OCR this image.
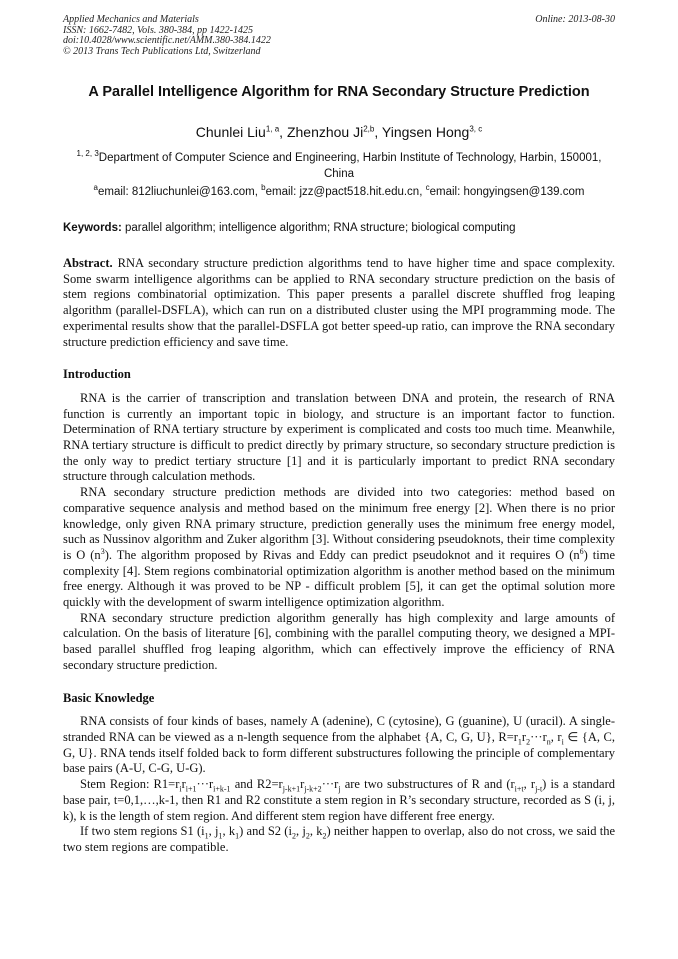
Applied Mechanics and Materials
ISSN: 1662-7482, Vols. 380-384, pp 1422-1425
doi:10.4028/www.scientific.net/AMM.380-384.1422
© 2013 Trans Tech Publications Ltd, Switzerland
Online: 2013-08-30
A Parallel Intelligence Algorithm for RNA Secondary Structure Prediction
Chunlei Liu$^{1, a}$, Zhenzhou Ji$^{2,b}$, Yingsen Hong$^{3, c}$
$^{1, 2, 3}$Department of Computer Science and Engineering, Harbin Institute of Technology, Harbin, 150001, China
$^a$email: 812liuchunlei@163.com, $^b$email: jzz@pact518.hit.edu.cn, $^c$email: hongyingsen@139.com
Keywords: parallel algorithm; intelligence algorithm; RNA structure; biological computing

Abstract. RNA secondary structure prediction algorithms tend to have higher time and space complexity. Some swarm intelligence algorithms can be applied to RNA secondary structure prediction on the basis of stem regions combinatorial optimization. This paper presents a parallel discrete shuffled frog leaping algorithm (parallel-DSFLA), which can run on a distributed cluster using the MPI programming mode. The experimental results show that the parallel-DSFLA got better speed-up ratio, can improve the RNA secondary structure prediction efficiency and save time.

Introduction

RNA is the carrier of transcription and translation between DNA and protein, the research of RNA function is currently an important topic in biology, and structure is an important factor to function. Determination of RNA tertiary structure by experiment is complicated and costs too much time. Meanwhile, RNA tertiary structure is difficult to predict directly by primary structure, so secondary structure prediction is the only way to predict tertiary structure [1] and it is particularly important to predict RNA secondary structure through calculation methods.

RNA secondary structure prediction methods are divided into two categories: method based on comparative sequence analysis and method based on the minimum free energy [2]. When there is no prior knowledge, only given RNA primary structure, prediction generally uses the minimum free energy model, such as Nussinov algorithm and Zuker algorithm [3]. Without considering pseudoknots, their time complexity is O $(n^3)$. The algorithm proposed by Rivas and Eddy can predict pseudoknot and it requires O $(n^6)$ time complexity [4]. Stem regions combinatorial optimization algorithm is another method based on the minimum free energy. Although it was proved to be NP - difficult problem [5], it can get the optimal solution more quickly with the development of swarm intelligence optimization algorithm.

RNA secondary structure prediction algorithm generally has high complexity and large amounts of calculation. On the basis of literature [6], combining with the parallel computing theory, we designed a MPI-based parallel shuffled frog leaping algorithm, which can effectively improve the efficiency of RNA secondary structure prediction.

Basic Knowledge

RNA consists of four kinds of bases, namely A (adenine), C (cytosine), G (guanine), U (uracil). A single-stranded RNA can be viewed as a n-length sequence from the alphabet {A, C, G, U}, $R=r_1r_2\cdot\cdot\cdot r_n$, $r_i$ ∈ {A, C, G, U}. RNA tends itself folded back to form different substructures following the principle of complementary base pairs (A-U, C-G, U-G).

Stem Region: $R1=r_ir_{i+1}\cdot\cdot\cdot r_{i+k-1}$ and $R2=r_{j-k+1}r_{j-k+2}\cdot\cdot\cdot r_j$ are two substructures of R and ($r_{i+t}$, $r_{j-t}$) is a standard base pair, t=0,1,…,k-1, then R1 and R2 constitute a stem region in R’s secondary structure, recorded as S (i, j, k), k is the length of stem region. And different stem region have different free energy.

If two stem regions S1 ($i_1$, $j_1$, $k_1$) and S2 ($i_2$, $j_2$, $k_2$) neither happen to overlap, also do not cross, we said the two stem regions are compatible.
